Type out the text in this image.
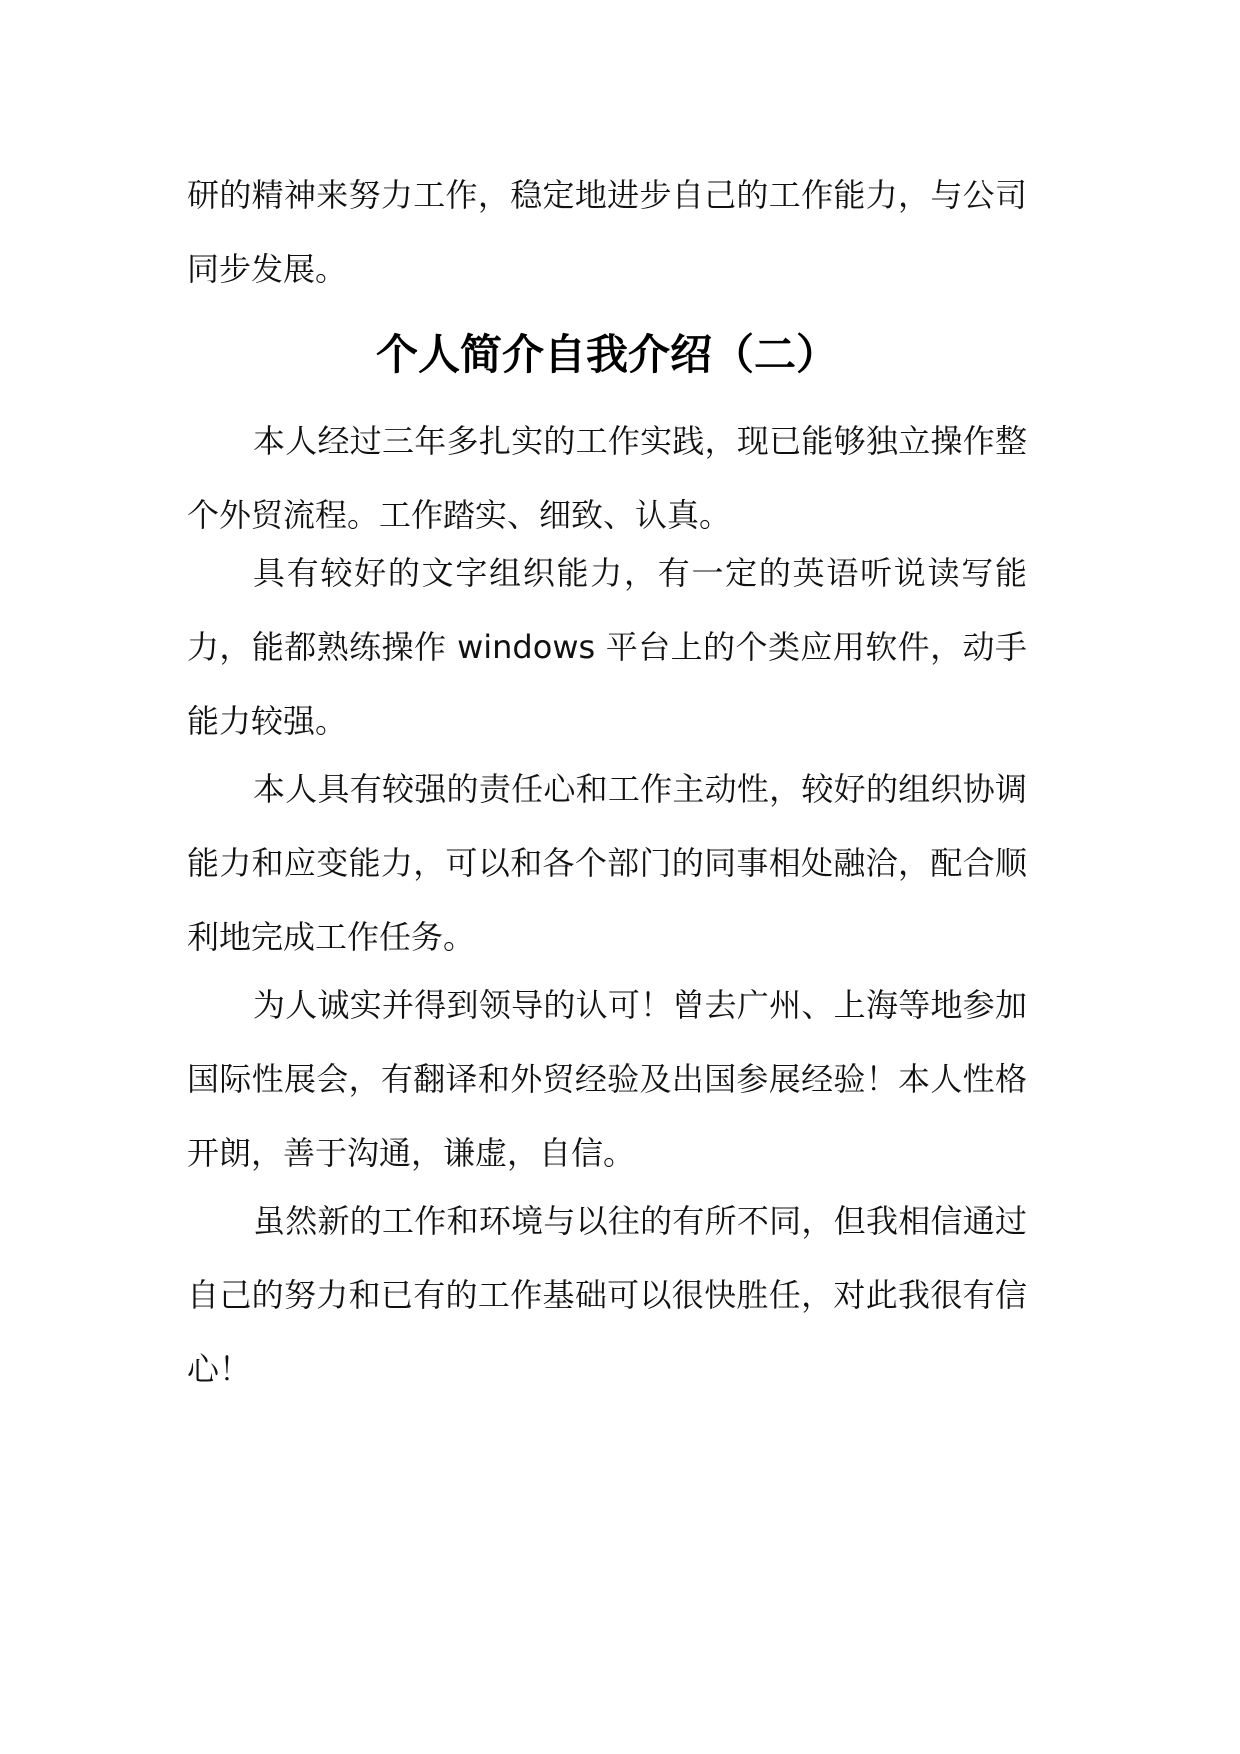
研的精神来努力工作，稳定地进步自己的工作能力，与公司同步发展。

个人简介自我介绍（二）

本人经过三年多扎实的工作实践，现已能够独立操作整个外贸流程。工作踏实、细致、认真。

具有较好的文字组织能力，有一定的英语听说读写能力，能都熟练操作 windows 平台上的个类应用软件，动手能力较强。

本人具有较强的责任心和工作主动性，较好的组织协调能力和应变能力，可以和各个部门的同事相处融洽，配合顺利地完成工作任务。

为人诚实并得到领导的认可！曾去广州、上海等地参加国际性展会，有翻译和外贸经验及出国参展经验！本人性格开朗，善于沟通，谦虚，自信。

虽然新的工作和环境与以往的有所不同，但我相信通过自己的努力和已有的工作基础可以很快胜任，对此我很有信心！
